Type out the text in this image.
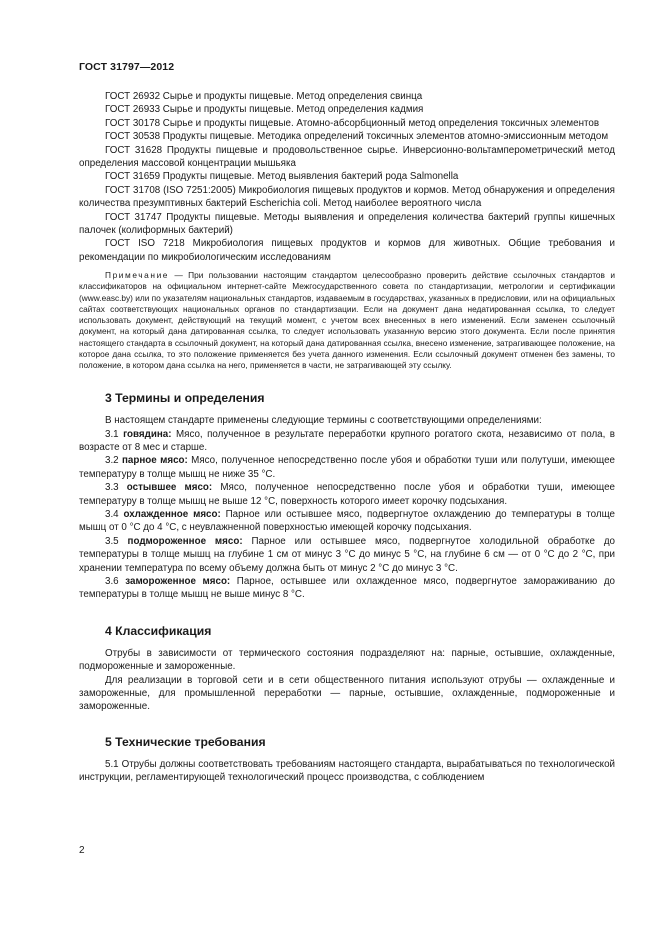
ГОСТ 31797—2012

ГОСТ 26932 Сырье и продукты пищевые. Метод определения свинца

ГОСТ 26933 Сырье и продукты пищевые. Метод определения кадмия

ГОСТ 30178 Сырье и продукты пищевые. Атомно-абсорбционный метод определения токсичных элементов

ГОСТ 30538 Продукты пищевые. Методика определений токсичных элементов атомно-эмиссионным методом

ГОСТ 31628 Продукты пищевые и продовольственное сырье. Инверсионно-вольтамперометрический метод определения массовой концентрации мышьяка

ГОСТ 31659 Продукты пищевые. Метод выявления бактерий рода Salmonella

ГОСТ 31708 (ISO 7251:2005) Микробиология пищевых продуктов и кормов. Метод обнаружения и определения количества презумптивных бактерий Escherichia coli. Метод наиболее вероятного числа

ГОСТ 31747 Продукты пищевые. Методы выявления и определения количества бактерий группы кишечных палочек (колиформных бактерий)

ГОСТ ISO 7218 Микробиология пищевых продуктов и кормов для животных. Общие требования и рекомендации по микробиологическим исследованиям

Примечание — При пользовании настоящим стандартом целесообразно проверить действие ссылочных стандартов и классификаторов на официальном интернет-сайте Межгосударственного совета по стандартизации, метрологии и сертификации (www.easc.by) или по указателям национальных стандартов, издаваемым в государствах, указанных в предисловии, или на официальных сайтах соответствующих национальных органов по стандартизации. Если на документ дана недатированная ссылка, то следует использовать документ, действующий на текущий момент, с учетом всех внесенных в него изменений. Если заменен ссылочный документ, на который дана датированная ссылка, то следует использовать указанную версию этого документа. Если после принятия настоящего стандарта в ссылочный документ, на который дана датированная ссылка, внесено изменение, затрагивающее положение, на которое дана ссылка, то это положение применяется без учета данного изменения. Если ссылочный документ отменен без замены, то положение, в котором дана ссылка на него, применяется в части, не затрагивающей эту ссылку.

3 Термины и определения

В настоящем стандарте применены следующие термины с соответствующими определениями:

3.1 говядина: Мясо, полученное в результате переработки крупного рогатого скота, независимо от пола, в возрасте от 8 мес и старше.

3.2 парное мясо: Мясо, полученное непосредственно после убоя и обработки туши или полутуши, имеющее температуру в толще мышц не ниже 35 °С.

3.3 остывшее мясо: Мясо, полученное непосредственно после убоя и обработки туши, имеющее температуру в толще мышц не выше 12 °С, поверхность которого имеет корочку подсыхания.

3.4 охлажденное мясо: Парное или остывшее мясо, подвергнутое охлаждению до температуры в толще мышц от 0 °С до 4 °С, с неувлажненной поверхностью имеющей корочку подсыхания.

3.5 подмороженное мясо: Парное или остывшее мясо, подвергнутое холодильной обработке до температуры в толще мышц на глубине 1 см от минус 3 °С до минус 5 °С, на глубине 6 см — от 0 °С до 2 °С, при хранении температура по всему объему должна быть от минус 2 °С до минус 3 °С.

3.6 замороженное мясо: Парное, остывшее или охлажденное мясо, подвергнутое замораживанию до температуры в толще мышц не выше минус 8 °С.

4 Классификация

Отрубы в зависимости от термического состояния подразделяют на: парные, остывшие, охлажденные, подмороженные и замороженные.

Для реализации в торговой сети и в сети общественного питания используют отрубы — охлажденные и замороженные, для промышленной переработки — парные, остывшие, охлажденные, подмороженные и замороженные.

5 Технические требования

5.1 Отрубы должны соответствовать требованиям настоящего стандарта, вырабатываться по технологической инструкции, регламентирующей технологический процесс производства, с соблюдением

2
